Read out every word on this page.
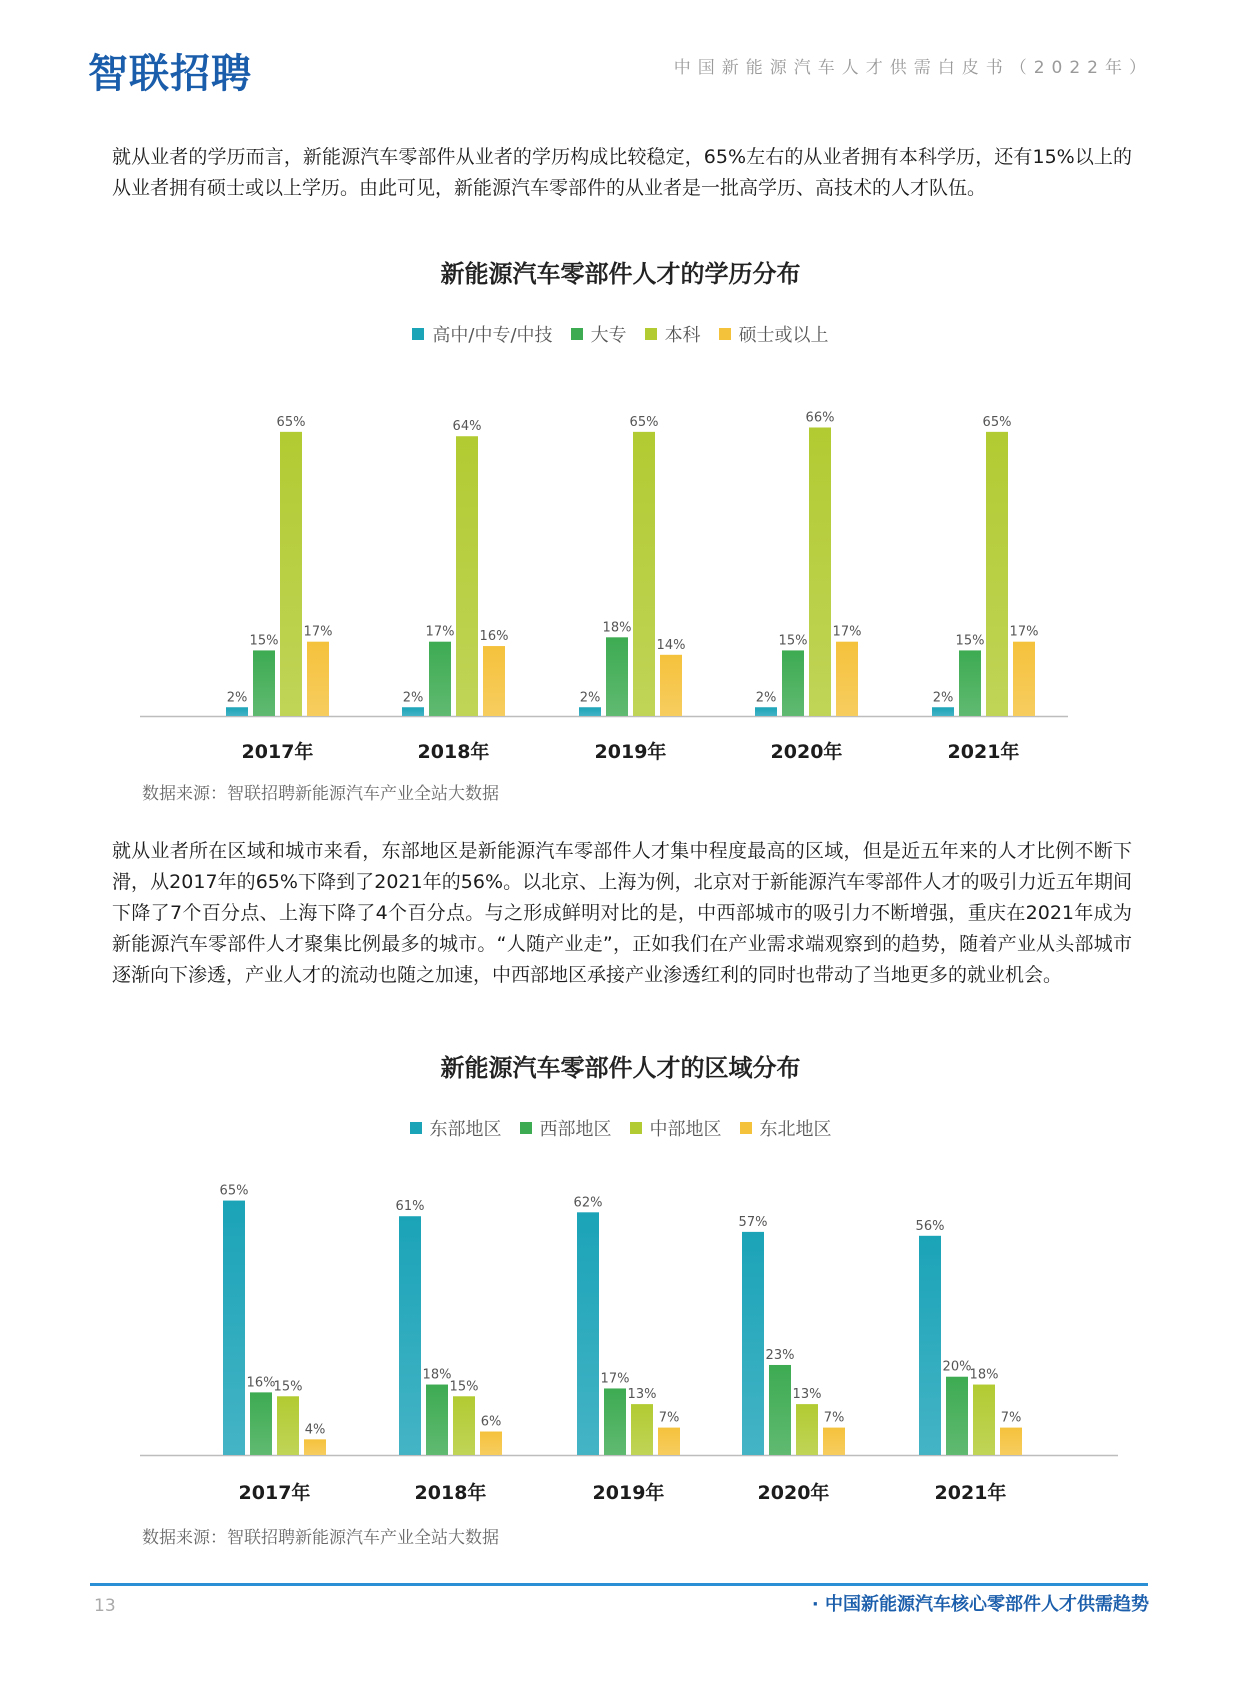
智联招聘	中国新能源汽车人才供需白皮书（2022年）

就从业者的学历而言，新能源汽车零部件从业者的学历构成比较稳定，65%左右的从业者拥有本科学历，还有15%以上的从业者拥有硕士或以上学历。由此可见，新能源汽车零部件的从业者是一批高学历、高技术的人才队伍。

新能源汽车零部件人才的学历分布
高中/中专/中技 大专 本科 硕士或以上
2%
15%
65%
17%
2017年
2%
17%
64%
16%
2018年
2%
18%
65%
14%
2019年
2%
15%
66%
17%
2020年
2%
15%
65%
17%
2021年
数据来源：智联招聘新能源汽车产业全站大数据

就从业者所在区域和城市来看，东部地区是新能源汽车零部件人才集中程度最高的区域，但是近五年来的人才比例不断下滑，从2017年的65%下降到了2021年的56%。以北京、上海为例，北京对于新能源汽车零部件人才的吸引力近五年期间下降了7个百分点、上海下降了4个百分点。与之形成鲜明对比的是，中西部城市的吸引力不断增强，重庆在2021年成为新能源汽车零部件人才聚集比例最多的城市。“人随产业走”，正如我们在产业需求端观察到的趋势，随着产业从头部城市逐渐向下渗透，产业人才的流动也随之加速，中西部地区承接产业渗透红利的同时也带动了当地更多的就业机会。

新能源汽车零部件人才的区域分布
东部地区 西部地区 中部地区 东北地区
65%
16%
15%
4%
2017年
61%
18%
15%
6%
2018年
62%
17%
13%
7%
2019年
57%
23%
13%
7%
2020年
56%
20%
18%
7%
2021年
数据来源：智联招聘新能源汽车产业全站大数据
13	· 中国新能源汽车核心零部件人才供需趋势
